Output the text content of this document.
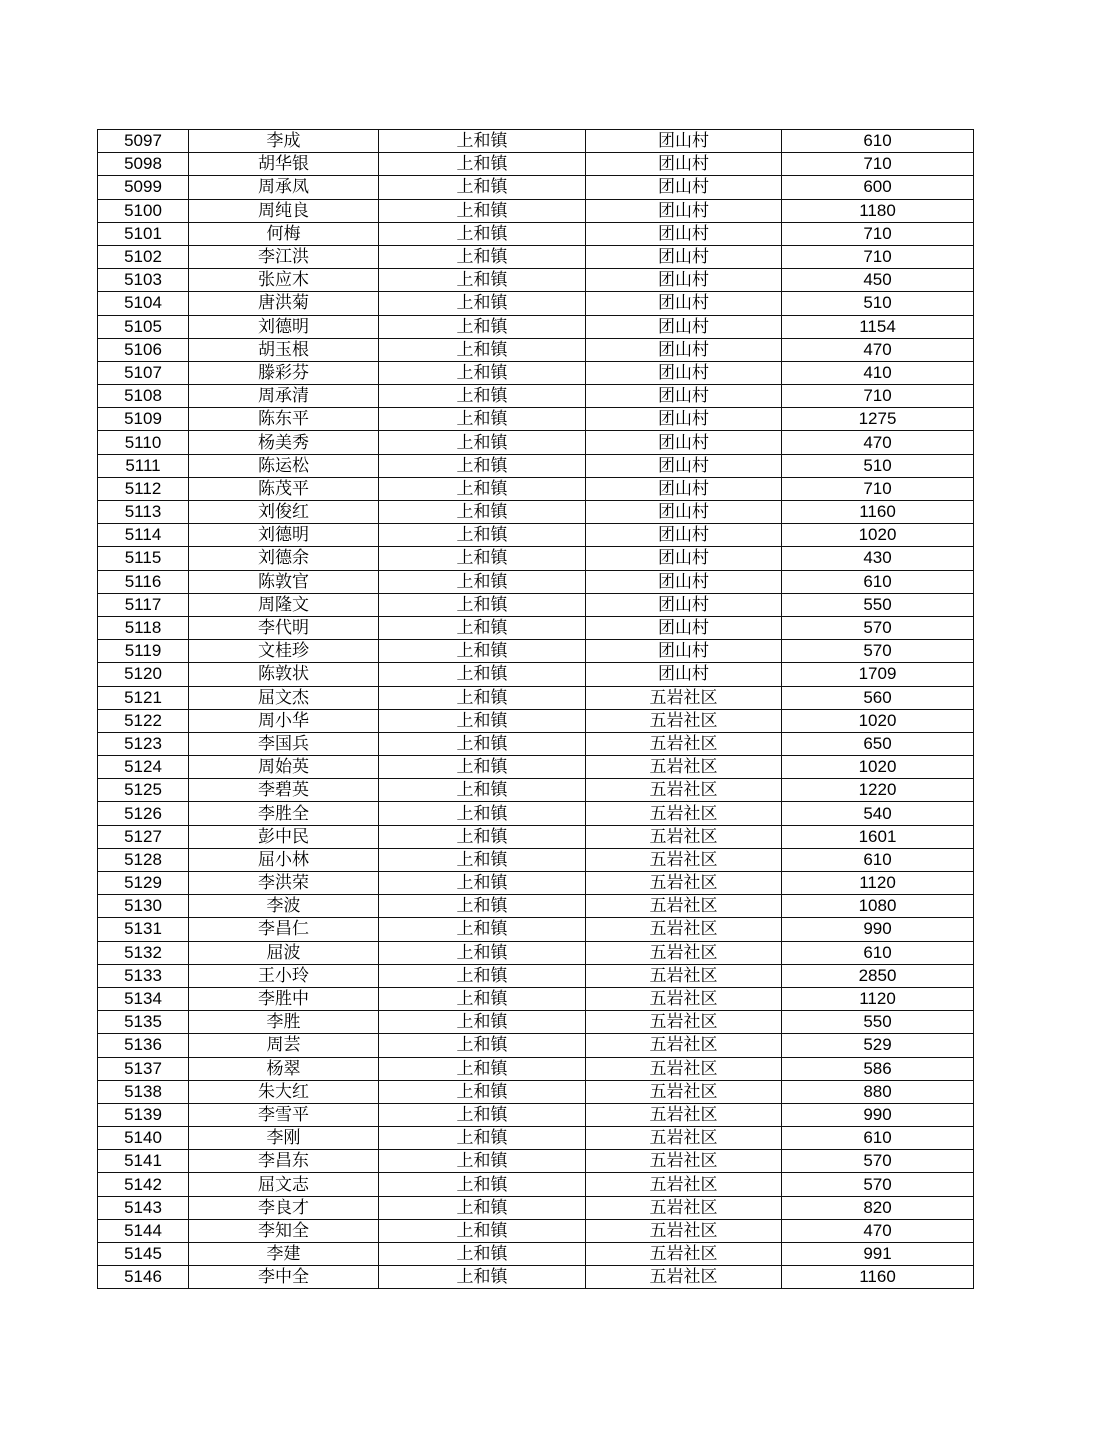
5097	李成	上和镇	团山村	610
5098	胡华银	上和镇	团山村	710
5099	周承凤	上和镇	团山村	600
5100	周纯良	上和镇	团山村	1180
5101	何梅	上和镇	团山村	710
5102	李江洪	上和镇	团山村	710
5103	张应木	上和镇	团山村	450
5104	唐洪菊	上和镇	团山村	510
5105	刘德明	上和镇	团山村	1154
5106	胡玉根	上和镇	团山村	470
5107	滕彩芬	上和镇	团山村	410
5108	周承清	上和镇	团山村	710
5109	陈东平	上和镇	团山村	1275
5110	杨美秀	上和镇	团山村	470
5111	陈运松	上和镇	团山村	510
5112	陈茂平	上和镇	团山村	710
5113	刘俊红	上和镇	团山村	1160
5114	刘德明	上和镇	团山村	1020
5115	刘德余	上和镇	团山村	430
5116	陈敦官	上和镇	团山村	610
5117	周隆文	上和镇	团山村	550
5118	李代明	上和镇	团山村	570
5119	文桂珍	上和镇	团山村	570
5120	陈敦状	上和镇	团山村	1709
5121	屈文杰	上和镇	五岩社区	560
5122	周小华	上和镇	五岩社区	1020
5123	李国兵	上和镇	五岩社区	650
5124	周始英	上和镇	五岩社区	1020
5125	李碧英	上和镇	五岩社区	1220
5126	李胜全	上和镇	五岩社区	540
5127	彭中民	上和镇	五岩社区	1601
5128	屈小林	上和镇	五岩社区	610
5129	李洪荣	上和镇	五岩社区	1120
5130	李波	上和镇	五岩社区	1080
5131	李昌仁	上和镇	五岩社区	990
5132	屈波	上和镇	五岩社区	610
5133	王小玲	上和镇	五岩社区	2850
5134	李胜中	上和镇	五岩社区	1120
5135	李胜	上和镇	五岩社区	550
5136	周芸	上和镇	五岩社区	529
5137	杨翠	上和镇	五岩社区	586
5138	朱大红	上和镇	五岩社区	880
5139	李雪平	上和镇	五岩社区	990
5140	李刚	上和镇	五岩社区	610
5141	李昌东	上和镇	五岩社区	570
5142	屈文志	上和镇	五岩社区	570
5143	李良才	上和镇	五岩社区	820
5144	李知全	上和镇	五岩社区	470
5145	李建	上和镇	五岩社区	991
5146	李中全	上和镇	五岩社区	1160
